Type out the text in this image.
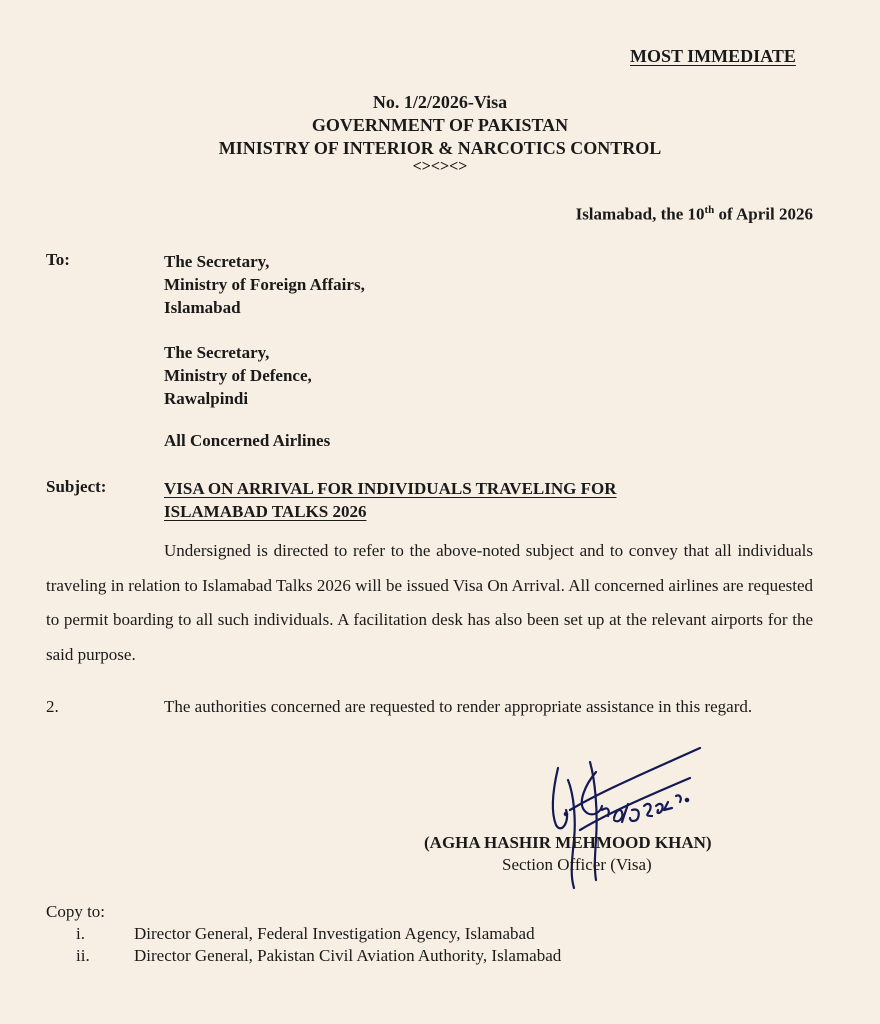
MOST IMMEDIATE
No. 1/2/2026-Visa
GOVERNMENT OF PAKISTAN
MINISTRY OF INTERIOR & NARCOTICS CONTROL
<><><>
Islamabad, the 10th of April 2026
To:	The Secretary,
Ministry of Foreign Affairs,
Islamabad
The Secretary,
Ministry of Defence,
Rawalpindi
All Concerned Airlines
Subject:	VISA ON ARRIVAL FOR INDIVIDUALS TRAVELING FOR
ISLAMABAD TALKS 2026
Undersigned is directed to refer to the above-noted subject and to convey that all individuals traveling in relation to Islamabad Talks 2026 will be issued Visa On Arrival. All concerned airlines are requested to permit boarding to all such individuals. A facilitation desk has also been set up at the relevant airports for the said purpose.
2.	The authorities concerned are requested to render appropriate assistance in this regard.
(AGHA HASHIR MEHMOOD KHAN)
Section Officer (Visa)
Copy to:
i.	Director General, Federal Investigation Agency, Islamabad
ii.	Director General, Pakistan Civil Aviation Authority, Islamabad
